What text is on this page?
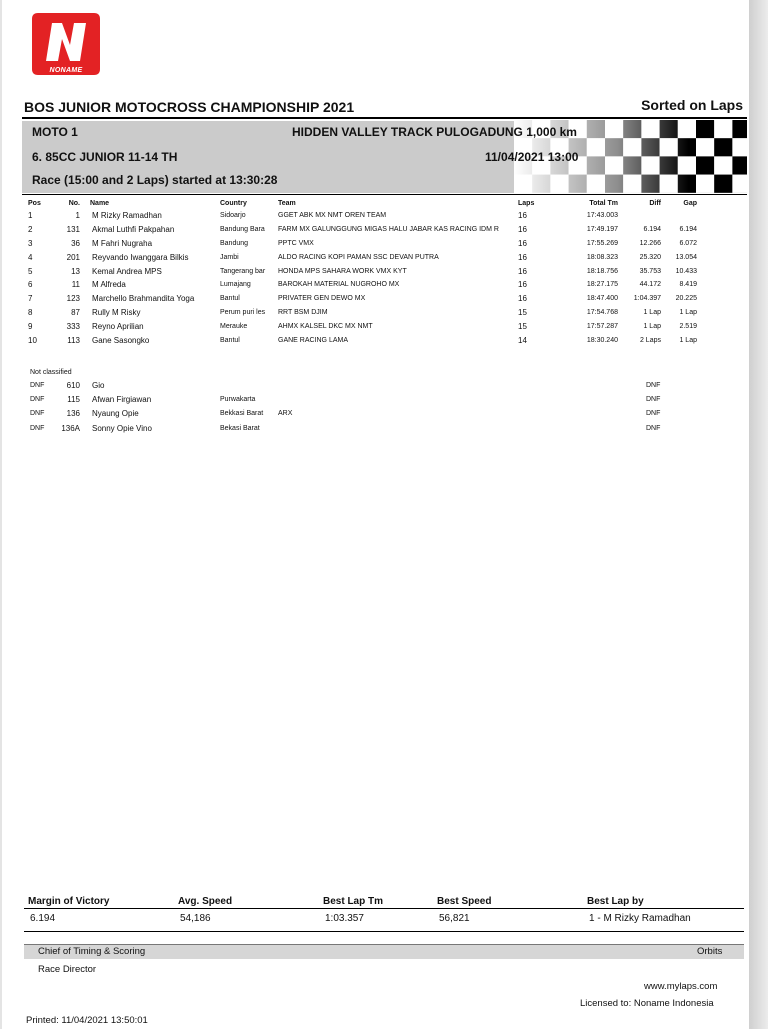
NONAME
BOS JUNIOR MOTOCROSS CHAMPIONSHIP 2021	Sorted on Laps
MOTO 1	HIDDEN VALLEY TRACK PULOGADUNG 1,000 km
6. 85CC JUNIOR 11-14 TH	11/04/2021 13:00
Race (15:00 and 2 Laps) started at 13:30:28
Pos	No. Name	Country	Team	Laps	Total Tm	Diff	Gap
1	1 M Rizky Ramadhan	Sidoarjo	GGET ABK MX NMT OREN TEAM	16	17:43.003
2	131 Akmal Luthfi Pakpahan	Bandung Bara	FARM MX GALUNGGUNG MIGAS HALU JABAR KAS RACING IDM R	16	17:49.197	6.194	6.194
3	36 M Fahri Nugraha	Bandung	PPTC VMX	16	17:55.269	12.266	6.072
4	201 Reyvando Iwanggara Bilkis	Jambi	ALDO RACING KOPI PAMAN SSC DEVAN PUTRA	16	18:08.323	25.320	13.054
5	13 Kemal Andrea MPS	Tangerang bar	HONDA MPS SAHARA WORK VMX KYT	16	18:18.756	35.753	10.433
6	11 M Alfreda	Lumajang	BAROKAH MATERIAL NUGROHO MX	16	18:27.175	44.172	8.419
7	123 Marchello Brahmandita Yoga	Bantul	PRIVATER GEN DEWO MX	16	18:47.400	1:04.397	20.225
8	87 Rully M Risky	Perum puri les	RRT BSM DJIM	15	17:54.768	1 Lap	1 Lap
9	333 Reyno Aprilian	Merauke	AHMX KALSEL DKC MX NMT	15	17:57.287	1 Lap	2.519
10	113 Gane Sasongko	Bantul	GANE RACING LAMA	14	18:30.240	2 Laps	1 Lap
Not classified
DNF	610 Gio	DNF
DNF	115 Afwan Firgiawan	Purwakarta	DNF
DNF	136 Nyaung Opie	Bekkasi Barat	ARX	DNF
DNF	136A Sonny Opie Vino	Bekasi Barat	DNF
Margin of Victory	Avg. Speed	Best Lap Tm	Best Speed	Best Lap by
6.194	54,186	1:03.357	56,821	1 - M Rizky Ramadhan
Chief of Timing & Scoring	Orbits
Race Director
www.mylaps.com
Licensed to: Noname Indonesia
Printed: 11/04/2021 13:50:01
